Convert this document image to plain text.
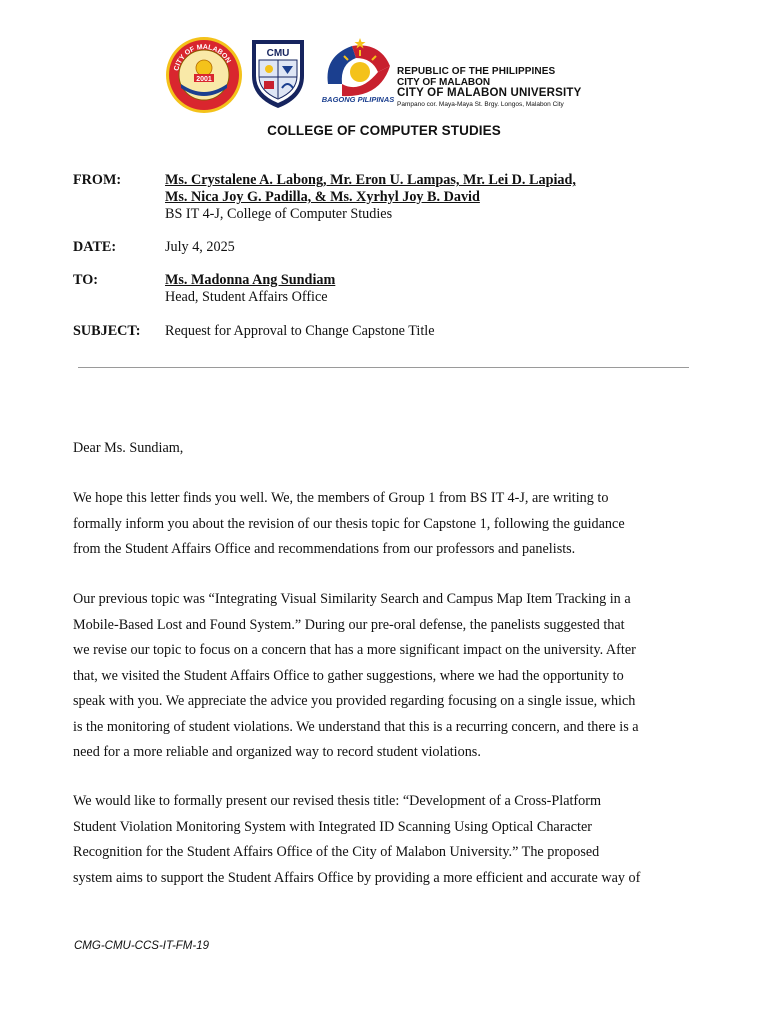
CITY OF MALABON
2001
CMU
BAGONG PILIPINAS
REPUBLIC OF THE PHILIPPINES
CITY OF MALABON
CITY OF MALABON UNIVERSITY
Pampano cor. Maya-Maya St. Brgy. Longos, Malabon City
COLLEGE OF COMPUTER STUDIES
FROM:	Ms. Crystalene A. Labong, Mr. Eron U. Lampas, Mr. Lei D. Lapiad,
Ms. Nica Joy G. Padilla, & Ms. Xyrhyl Joy B. David
BS IT 4-J, College of Computer Studies
DATE:	July 4, 2025
TO:	Ms. Madonna Ang Sundiam
Head, Student Affairs Office
SUBJECT: Request for Approval to Change Capstone Title
Dear Ms. Sundiam,
We hope this letter finds you well. We, the members of Group 1 from BS IT 4-J, are writing to
formally inform you about the revision of our thesis topic for Capstone 1, following the guidance
from the Student Affairs Office and recommendations from our professors and panelists.
Our previous topic was “Integrating Visual Similarity Search and Campus Map Item Tracking in a
Mobile-Based Lost and Found System.” During our pre-oral defense, the panelists suggested that
we revise our topic to focus on a concern that has a more significant impact on the university. After
that, we visited the Student Affairs Office to gather suggestions, where we had the opportunity to
speak with you. We appreciate the advice you provided regarding focusing on a single issue, which
is the monitoring of student violations. We understand that this is a recurring concern, and there is a
need for a more reliable and organized way to record student violations.
We would like to formally present our revised thesis title: “Development of a Cross-Platform
Student Violation Monitoring System with Integrated ID Scanning Using Optical Character
Recognition for the Student Affairs Office of the City of Malabon University.” The proposed
system aims to support the Student Affairs Office by providing a more efficient and accurate way of
CMG-CMU-CCS-IT-FM-19
